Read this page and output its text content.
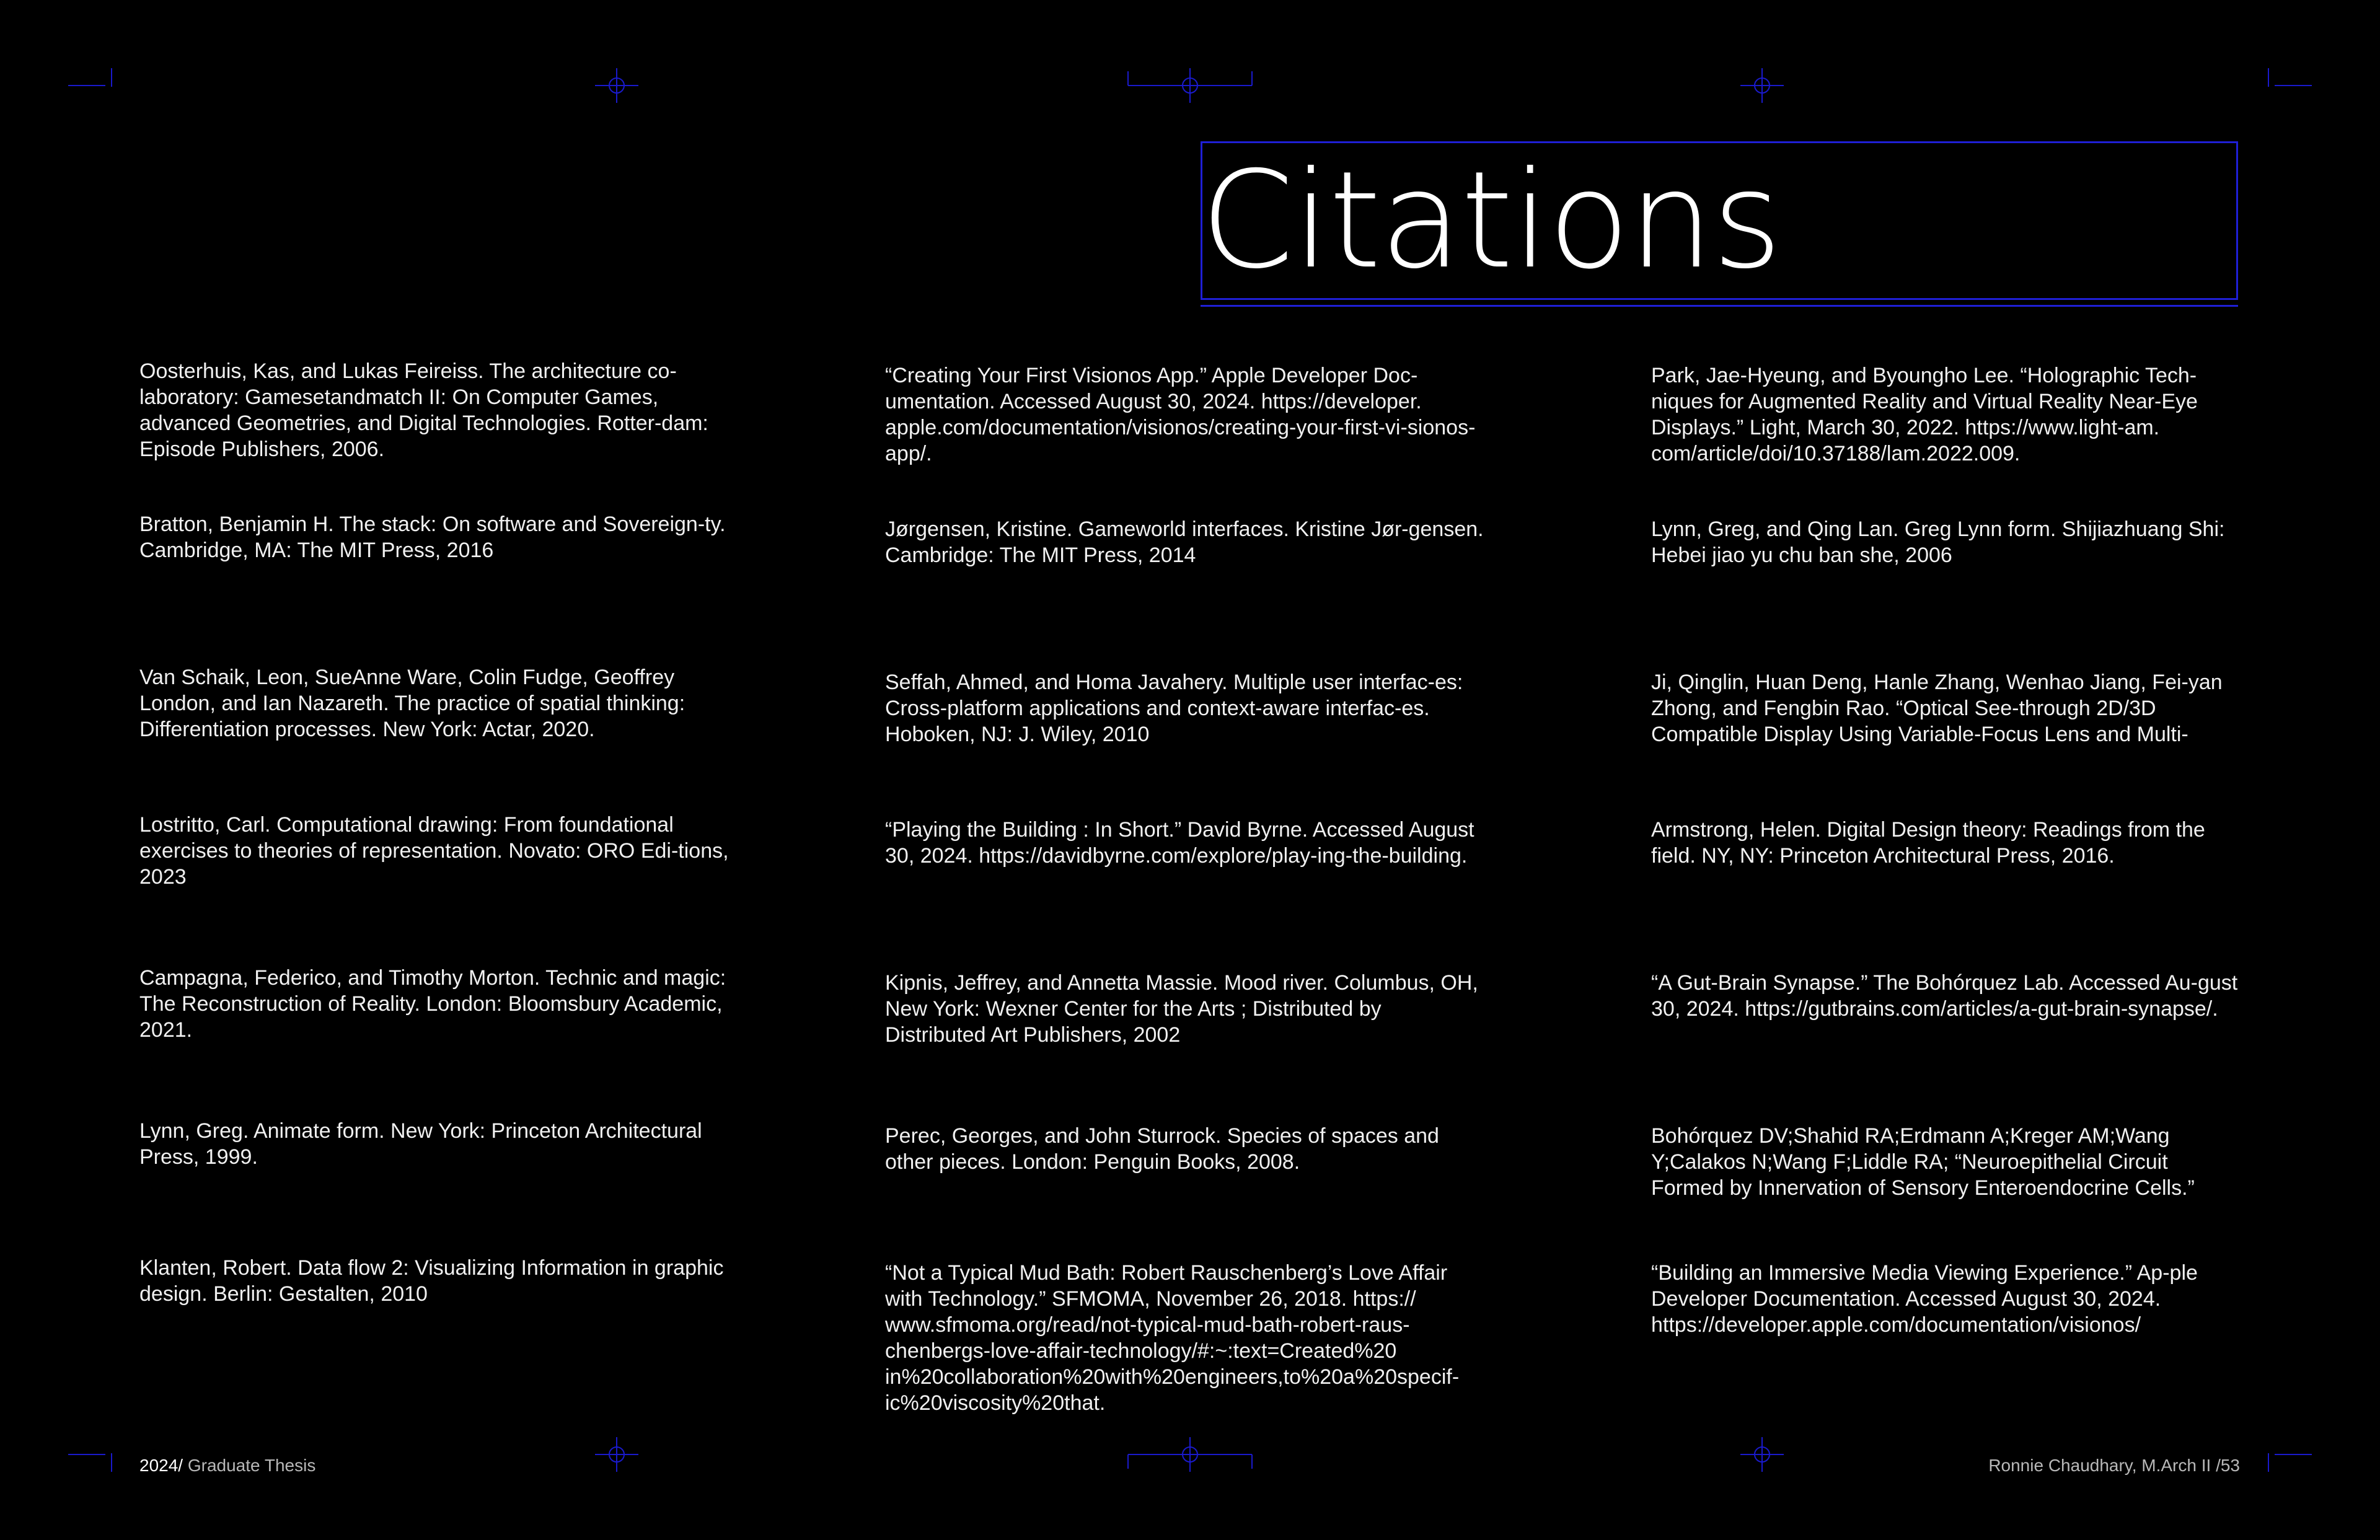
Citations

Oosterhuis, Kas, and Lukas Feireiss. The architecture co-laboratory: Gamesetandmatch II: On Computer Games, advanced Geometries, and Digital Technologies. Rotter-dam: Episode Publishers, 2006.

Bratton, Benjamin H. The stack: On software and Sovereign-ty. Cambridge, MA: The MIT Press, 2016

Van Schaik, Leon, SueAnne Ware, Colin Fudge, Geoffrey London, and Ian Nazareth. The practice of spatial thinking: Differentiation processes. New York: Actar, 2020.

Lostritto, Carl. Computational drawing: From foundational exercises to theories of representation. Novato: ORO Edi-tions, 2023

Campagna, Federico, and Timothy Morton. Technic and magic: The Reconstruction of Reality. London: Bloomsbury Academic, 2021.

Lynn, Greg. Animate form. New York: Princeton Architectural Press, 1999.

Klanten, Robert. Data flow 2: Visualizing Information in graphic design. Berlin: Gestalten, 2010

“Creating Your First Visionos App.” Apple Developer Doc-umentation. Accessed August 30, 2024. https://developer. apple.com/documentation/visionos/creating-your-first-vi-sionos-app/.

Jørgensen, Kristine. Gameworld interfaces. Kristine Jør-gensen. Cambridge: The MIT Press, 2014

Seffah, Ahmed, and Homa Javahery. Multiple user interfac-es: Cross-platform applications and context-aware interfac-es. Hoboken, NJ: J. Wiley, 2010

“Playing the Building : In Short.” David Byrne. Accessed August 30, 2024. https://davidbyrne.com/explore/play-ing-the-building.

Kipnis, Jeffrey, and Annetta Massie. Mood river. Columbus, OH, New York: Wexner Center for the Arts ; Distributed by Distributed Art Publishers, 2002

Perec, Georges, and John Sturrock. Species of spaces and other pieces. London: Penguin Books, 2008.

“Not a Typical Mud Bath: Robert Rauschenberg’s Love Affair with Technology.” SFMOMA, November 26, 2018. https:// www.sfmoma.org/read/not-typical-mud-bath-robert-raus-chenbergs-love-affair-technology/#:~:text=Created%20 in%20collaboration%20with%20engineers,to%20a%20specif-ic%20viscosity%20that.

Park, Jae-Hyeung, and Byoungho Lee. “Holographic Tech-niques for Augmented Reality and Virtual Reality Near-Eye Displays.” Light, March 30, 2022. https://www.light-am. com/article/doi/10.37188/lam.2022.009.

Lynn, Greg, and Qing Lan. Greg Lynn form. Shijiazhuang Shi: Hebei jiao yu chu ban she, 2006

Ji, Qinglin, Huan Deng, Hanle Zhang, Wenhao Jiang, Fei-yan Zhong, and Fengbin Rao. “Optical See-through 2D/3D Compatible Display Using Variable-Focus Lens and Multi-

Armstrong, Helen. Digital Design theory: Readings from the field. NY, NY: Princeton Architectural Press, 2016.

“A Gut-Brain Synapse.” The Bohórquez Lab. Accessed Au-gust 30, 2024. https://gutbrains.com/articles/a-gut-brain-synapse/.

Bohórquez DV;Shahid RA;Erdmann A;Kreger AM;Wang Y;Calakos N;Wang F;Liddle RA; “Neuroepithelial Circuit Formed by Innervation of Sensory Enteroendocrine Cells.”

“Building an Immersive Media Viewing Experience.” Ap-ple Developer Documentation. Accessed August 30, 2024. https://developer.apple.com/documentation/visionos/

2024/ Graduate Thesis	Ronnie Chaudhary, M.Arch II /53
